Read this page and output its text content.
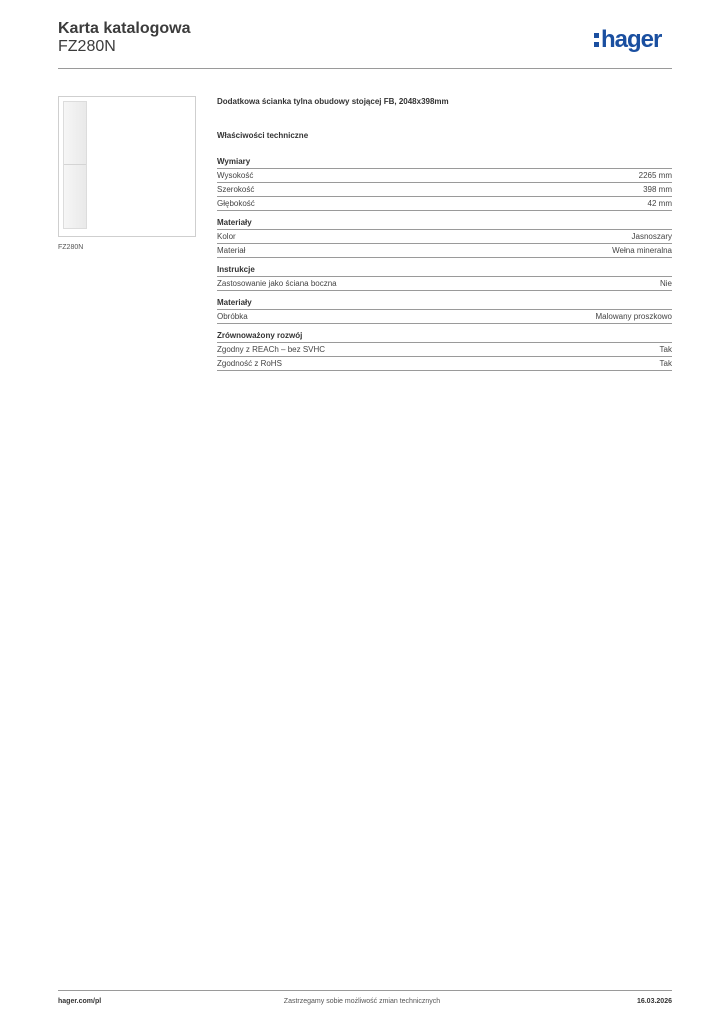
Karta katalogowa
FZ280N	hager
FZ280N
Dodatkowa ścianka tylna obudowy stojącej FB, 2048x398mm
Właściwości techniczne
Wymiary
Wysokość	2265 mm
Szerokość	398 mm
Głębokość	42 mm
Materiały
Kolor	Jasnoszary
Materiał	Wełna mineralna
Instrukcje
Zastosowanie jako ściana boczna	Nie
Materiały
Obróbka	Malowany proszkowo
Zrównoważony rozwój
Zgodny z REACh – bez SVHC	Tak
Zgodność z RoHS	Tak
hager.com/pl	Zastrzegamy sobie możliwość zmian technicznych	16.03.2026
